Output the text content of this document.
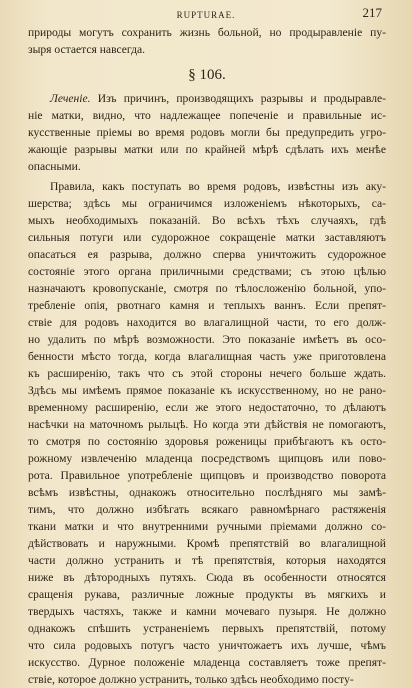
RUPTURAE.	217
природы могутъ сохранить жизнь больной, но продыравленіе пу-
зыря остается навсегда.
§ 106.
Леченіе. Изъ причинъ, производящихъ разрывы и продыравле-
ніе матки, видно, что надлежащее попеченіе и правильные ис-
кусственные пріемы во время родовъ могли бы предупредить угро-
жающіе разрывы матки или по крайней мѣрѣ сдѣлать ихъ менѣе
опасными.
Правила, какъ поступать во время родовъ, извѣстны изъ аку-
шерства; здѣсь мы ограничимся изложеніемъ нѣкоторыхъ, са-
мыхъ необходимыхъ показаній. Во всѣхъ тѣхъ случаяхъ, гдѣ
сильныя потуги или судорожное сокращеніе матки заставляютъ
опасаться ея разрыва, должно сперва уничтожить судорожное
состояніе этого органа приличными средствами; съ этою цѣлью
назначаютъ кровопусканіе, смотря по тѣлосложенію больной, упо-
требленіе опія, рвотнаго камня и теплыхъ ваннъ. Если препят-
ствіе для родовъ находится во влагалищной части, то его долж-
но удалить по мѣрѣ возможности. Это показаніе имѣетъ въ осо-
бенности мѣсто тогда, когда влагалищная часть уже приготовлена
къ расширенію, такъ что съ этой стороны нечего больше ждать.
Здѣсь мы имѣемъ прямое показаніе къ искусственному, но не рано-
временному расширенію, если же этого недостаточно, то дѣлаютъ
насѣчки на маточномъ рыльцѣ. Но когда эти дѣйствія не помогаютъ,
то смотря по состоянію здоровья роженицы прибѣгаютъ къ осто-
рожному извлеченію младенца посредствомъ щипцовъ или пово-
рота. Правильное употребленіе щипцовъ и производство поворота
всѣмъ извѣстны, однакожъ относительно послѣдняго мы замѣ-
тимъ, что должно избѣгать всякаго равномѣрнаго растяженія
ткани матки и что внутренними ручными пріемами должно со-
дѣйствовать и наружными. Кромѣ препятствій во влагалищной
части должно устранить и тѣ препятствія, которыя находятся
ниже въ дѣтородныхъ путяхъ. Сюда въ особенности относятся
сращенія рукава, различные ложные продукты въ мягкихъ и
твердыхъ частяхъ, также и камни мочеваго пузыря. Не должно
однакожъ спѣшить устраненіемъ первыхъ препятствій, потому
что сила родовыхъ потугъ часто уничтожаетъ ихъ лучше, чѣмъ
искусство. Дурное положеніе младенца составляетъ тоже препят-
ствіе, которое должно устранить, только здѣсь необходимо посту-
